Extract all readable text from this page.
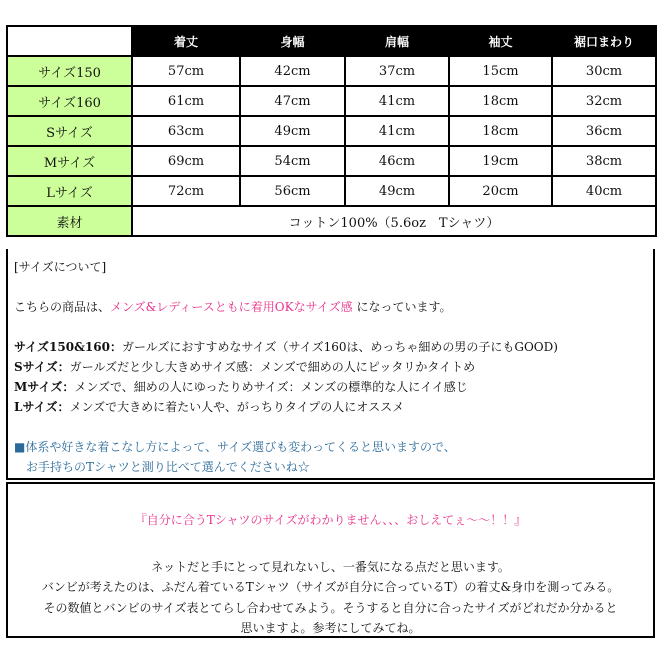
	着丈	身幅	肩幅	袖丈	裾口まわり
サイズ150	57cm	42cm	37cm	15cm	30cm
サイズ160	61cm	47cm	41cm	18cm	32cm
Sサイズ	63cm	49cm	41cm	18cm	36cm
Mサイズ	69cm	54cm	46cm	19cm	38cm
Lサイズ	72cm	56cm	49cm	20cm	40cm
素材	コットン100%（5.6oz　Tシャツ）				

[サイズについて]

こちらの商品は、メンズ&レディースともに着用OKなサイズ感 になっています。

サイズ150&160：ガールズにおすすめなサイズ（サイズ160は、めっちゃ細めの男の子にもGOOD)

Sサイズ：ガールズだと少し大きめサイズ感：メンズで細めの人にピッタリかタイトめ

Mサイズ：メンズで、細めの人にゆったりめサイズ：メンズの標準的な人にイイ感じ

Lサイズ：メンズで大きめに着たい人や、がっちりタイプの人にオススメ

■体系や好きな着こなし方によって、サイズ選びも変わってくると思いますので、

　お手持ちのTシャツと測り比べて選んでくださいね☆

『自分に合うTシャツのサイズがわかりません、、、おしえてぇ〜〜！！』
ネットだと手にとって見れないし、一番気になる点だと思います。
バンビが考えたのは、ふだん着ているTシャツ（サイズが自分に合っているT）の着丈&身巾を測ってみる。
その数値とバンビのサイズ表とてらし合わせてみよう。そうすると自分に合ったサイズがどれだか分かると
思いますよ。参考にしてみてね。
